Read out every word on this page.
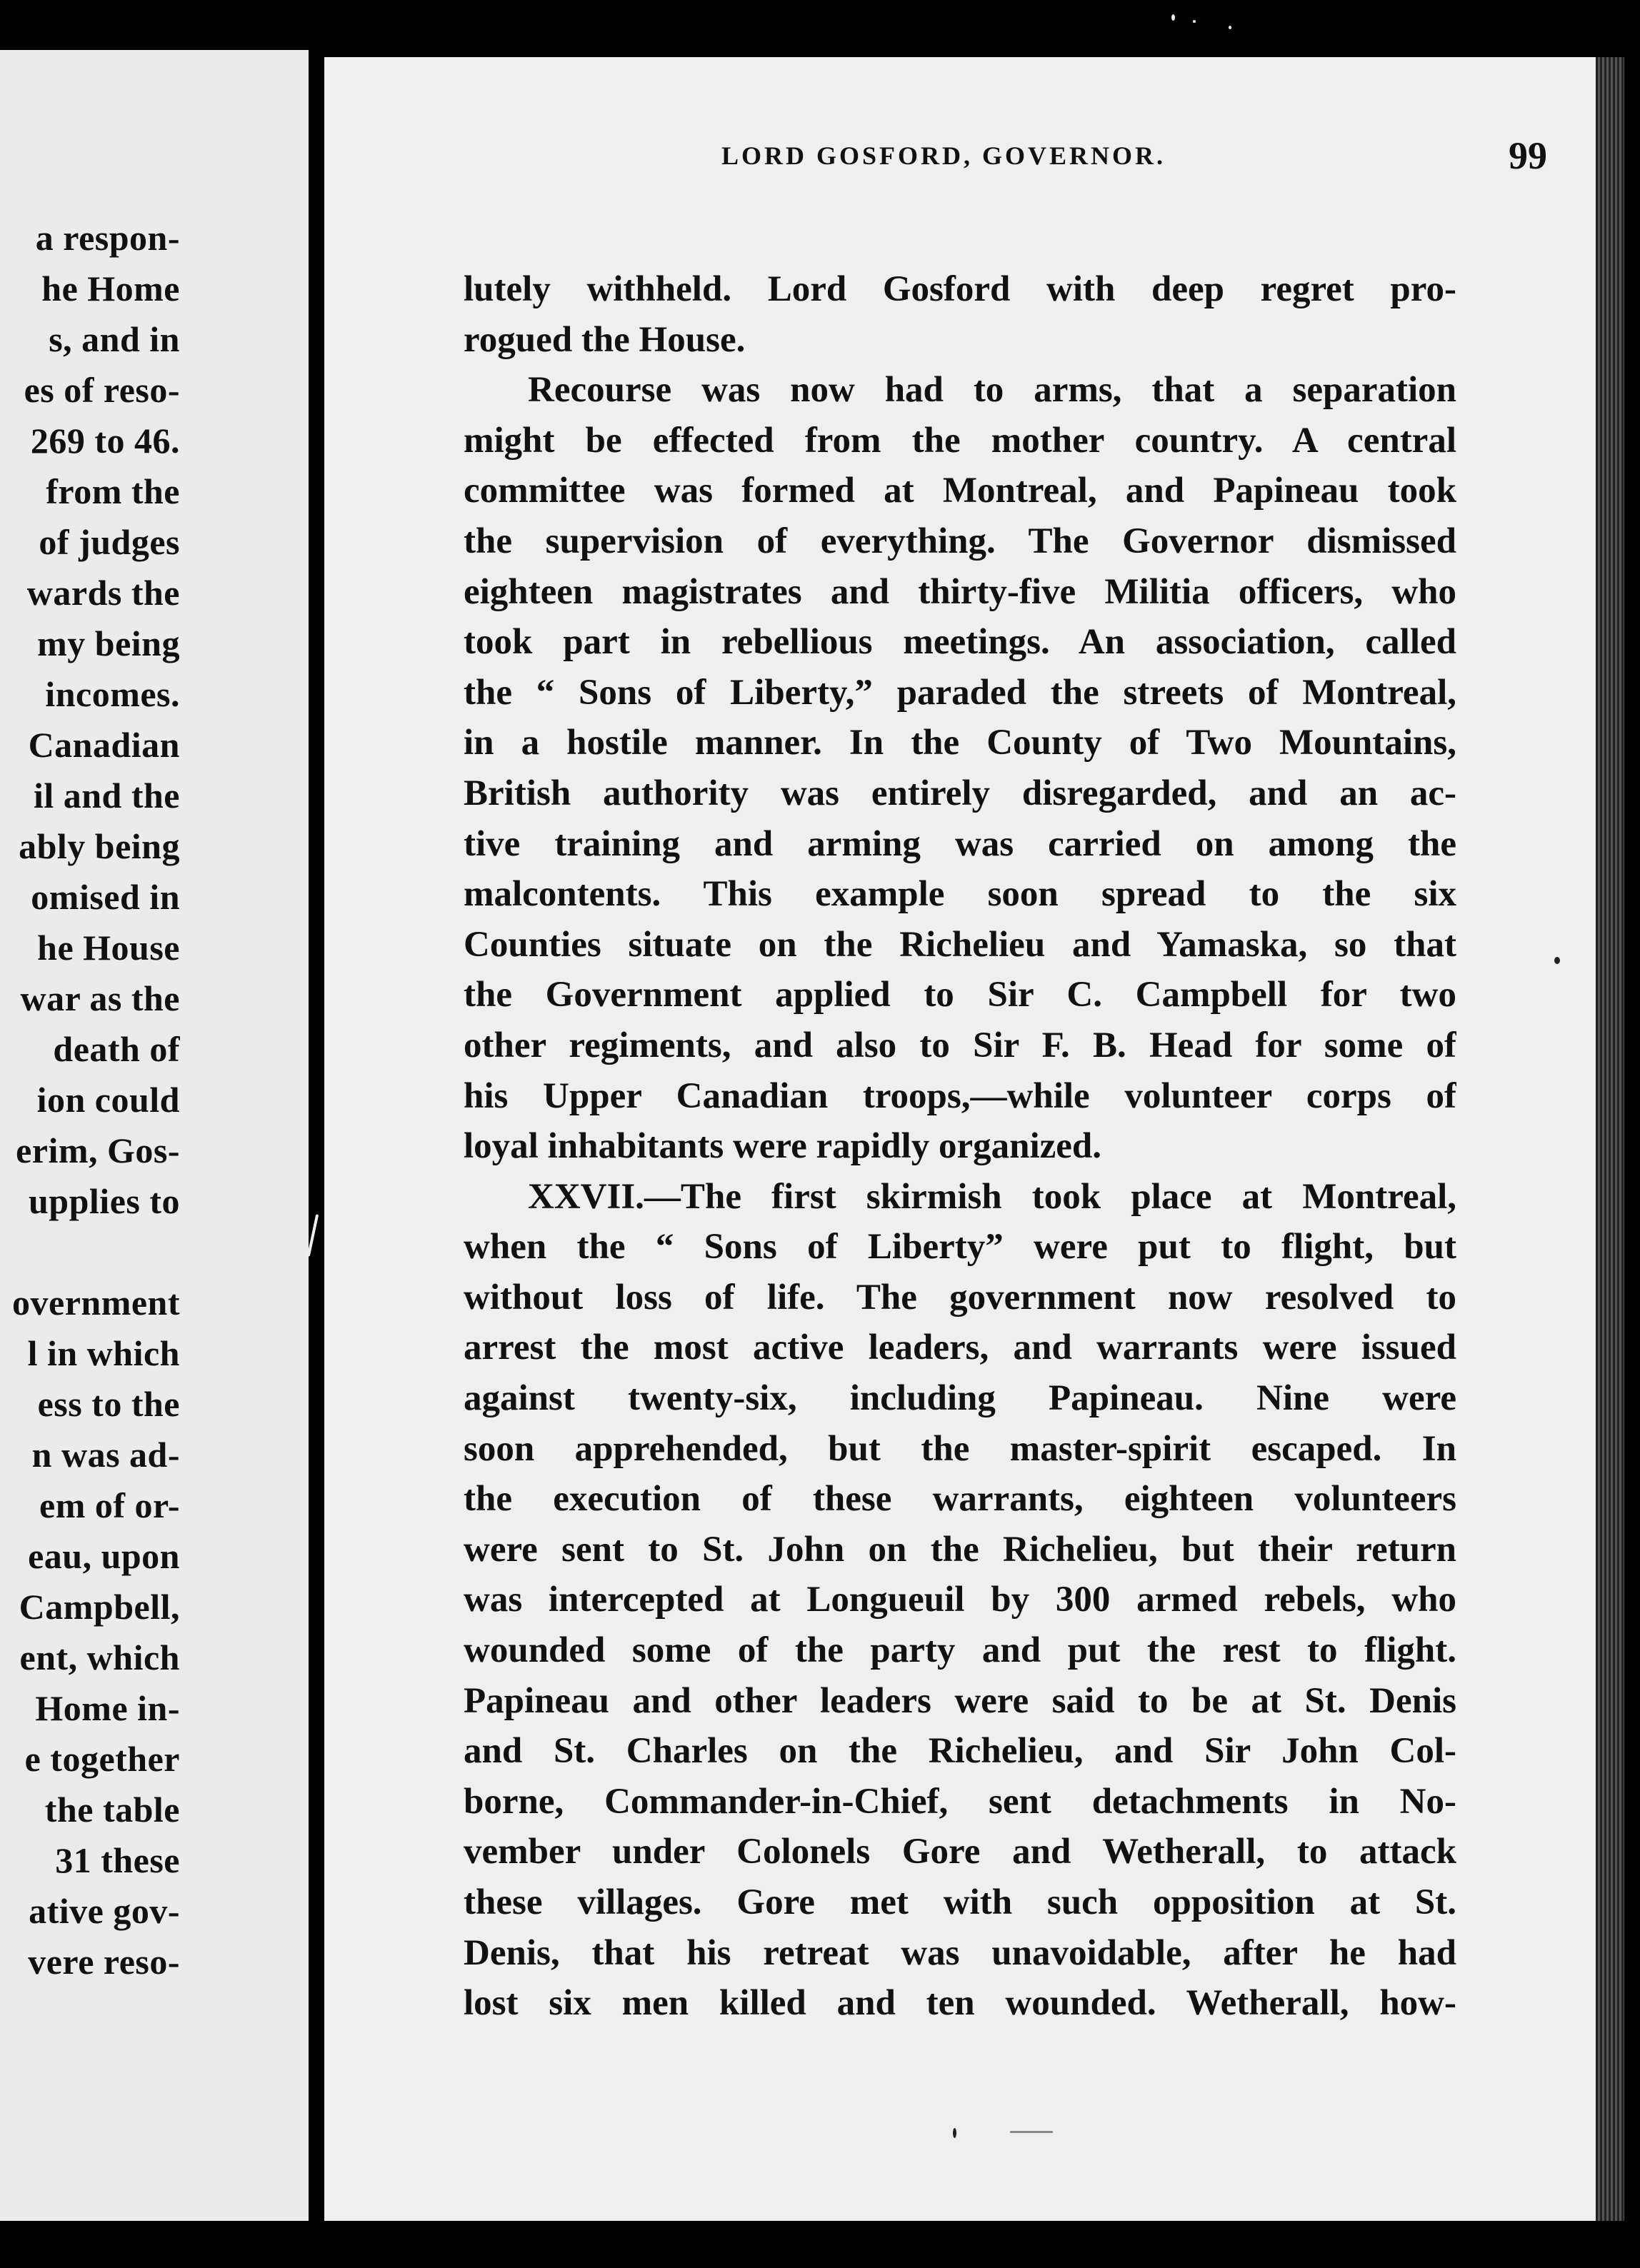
a respon-
he Home
s, and in
es of reso-
269 to 46.
from the
of judges
wards the
my being
incomes.
Canadian
il and the
ably being
omised in
he House
war as the
death of
ion could
erim, Gos-
upplies to
overnment
l in which
ess to the
n was ad-
em of or-
eau, upon
Campbell,
ent, which
Home in-
e together
the table
31 these
ative gov-
vere reso-
LORD GOSFORD, GOVERNOR.	99
lutely withheld. Lord Gosford with deep regret pro-
rogued the House.
Recourse was now had to arms, that a separation
might be effected from the mother country. A central
committee was formed at Montreal, and Papineau took
the supervision of everything. The Governor dismissed
eighteen magistrates and thirty-five Militia officers, who
took part in rebellious meetings. An association, called
the “ Sons of Liberty,” paraded the streets of Montreal,
in a hostile manner. In the County of Two Mountains,
British authority was entirely disregarded, and an ac-
tive training and arming was carried on among the
malcontents. This example soon spread to the six
Counties situate on the Richelieu and Yamaska, so that
the Government applied to Sir C. Campbell for two
other regiments, and also to Sir F. B. Head for some of
his Upper Canadian troops,—while volunteer corps of
loyal inhabitants were rapidly organized.
XXVII.—The first skirmish took place at Montreal,
when the “ Sons of Liberty” were put to flight, but
without loss of life. The government now resolved to
arrest the most active leaders, and warrants were issued
against twenty-six, including Papineau. Nine were
soon apprehended, but the master-spirit escaped. In
the execution of these warrants, eighteen volunteers
were sent to St. John on the Richelieu, but their return
was intercepted at Longueuil by 300 armed rebels, who
wounded some of the party and put the rest to flight.
Papineau and other leaders were said to be at St. Denis
and St. Charles on the Richelieu, and Sir John Col-
borne, Commander-in-Chief, sent detachments in No-
vember under Colonels Gore and Wetherall, to attack
these villages. Gore met with such opposition at St.
Denis, that his retreat was unavoidable, after he had
lost six men killed and ten wounded. Wetherall, how-
